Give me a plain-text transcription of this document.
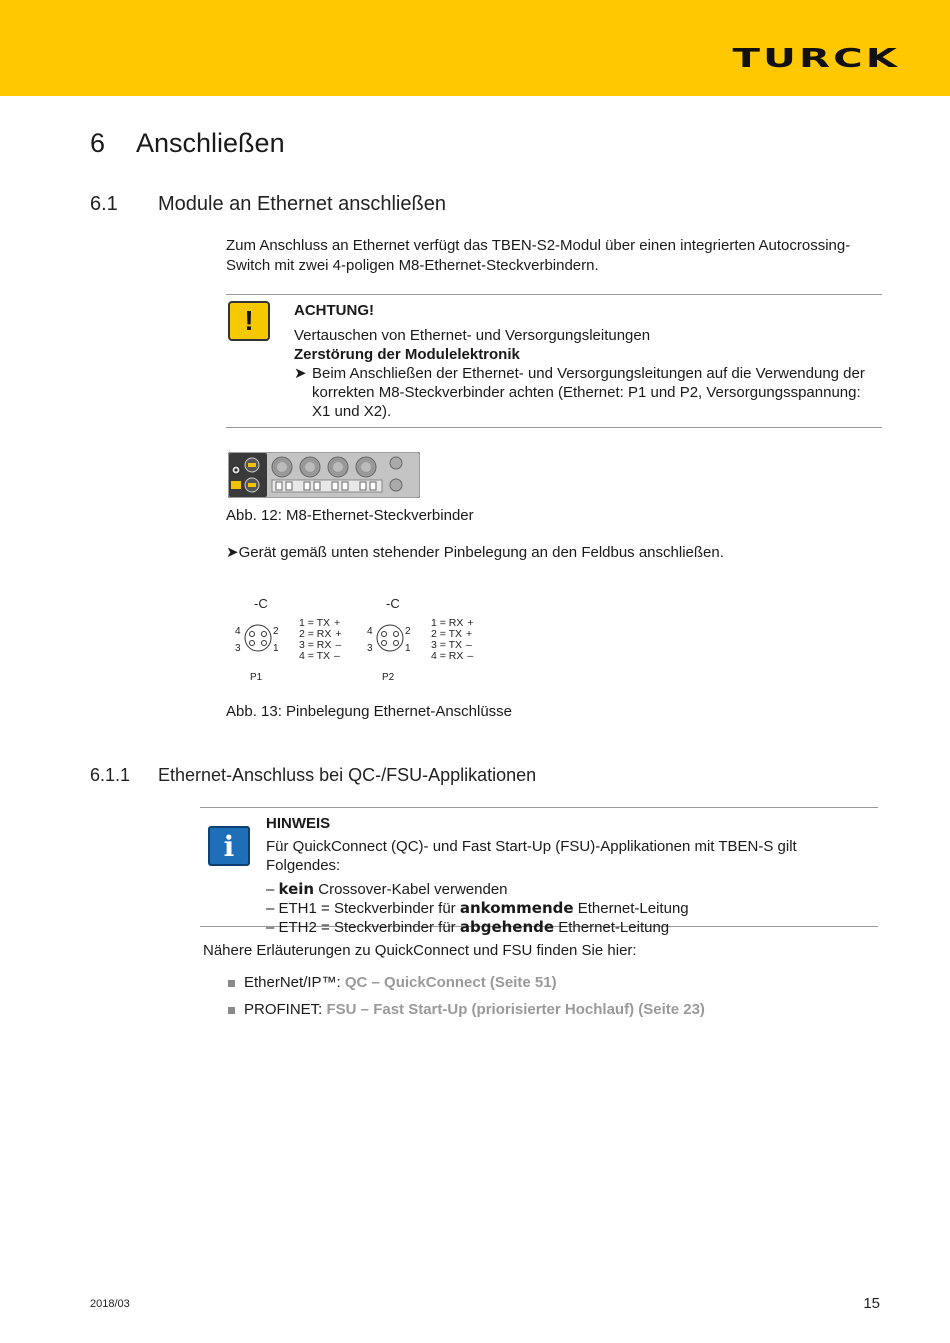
TURCK
6 Anschließen
6.1 Module an Ethernet anschließen
Zum Anschluss an Ethernet verfügt das TBEN-S2-Modul über einen integrierten Autocrossing-Switch mit zwei 4-poligen M8-Ethernet-Steckverbindern.
!	ACHTUNG!
Vertauschen von Ethernet- und Versorgungsleitungen
Zerstörung der Modulelektronik
➤ Beim Anschließen der Ethernet- und Versorgungsleitungen auf die Verwendung der korrekten M8-Steckverbinder achten (Ethernet: P1 und P2, Versorgungsspannung: X1 und X2).
Abb. 12: M8-Ethernet-Steckverbinder
➤Gerät gemäß unten stehender Pinbelegung an den Feldbus anschließen.
-C
4	2
3	1
1 = TX +
2 = RX +
3 = RX –
4 = TX –
P1
-C
4	2
3	1
1 = RX +
2 = TX +
3 = TX –
4 = RX –
P2
Abb. 13: Pinbelegung Ethernet-Anschlüsse
6.1.1 Ethernet-Anschluss bei QC-/FSU-Applikationen
i
HINWEIS
Für QuickConnect (QC)- und Fast Start-Up (FSU)-Applikationen mit TBEN-S gilt Folgendes:
– kein Crossover-Kabel verwenden
– ETH1 = Steckverbinder für ankommende Ethernet-Leitung
– ETH2 = Steckverbinder für abgehende Ethernet-Leitung
Nähere Erläuterungen zu QuickConnect und FSU finden Sie hier:
EtherNet/IP™: QC – QuickConnect (Seite 51)
PROFINET: FSU – Fast Start-Up (priorisierter Hochlauf) (Seite 23)
2018/03	15
